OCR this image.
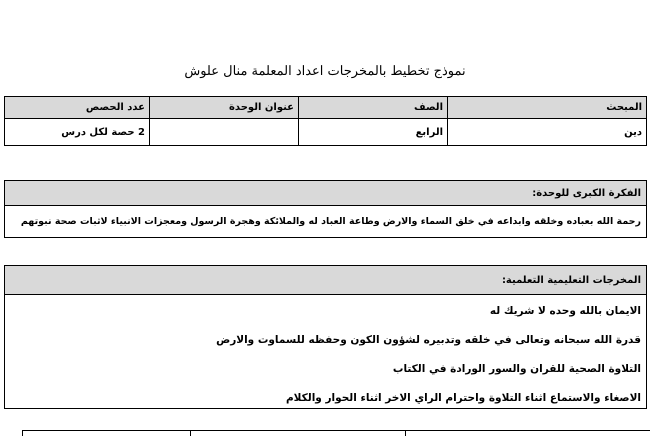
نموذج تخطيط بالمخرجات اعداد المعلمة منال علوش
المبحث	الصف	عنوان الوحدة	عدد الحصص
دين	الرابع		2 حصة لكل درس
الفكرة الكبرى للوحدة:
رحمة الله بعباده وخلقه وابداعه في خلق السماء والارض وطاعة العباد له والملائكة وهجرة الرسول ومعجزات الانبياء لاثبات صحة نبوتهم
المخرجات التعليمية التعلمية:
الايمان بالله وحده لا شريك له
قدرة الله سبحانه وتعالى في خلقه وتدبيره لشؤون الكون وحفظه للسماوت والارض
التلاوة الصحية للقران والسور الورادة في الكتاب
الاصغاء والاستماع اثناء التلاوة واحترام الراي الاخر اثناء الحوار والكلام
